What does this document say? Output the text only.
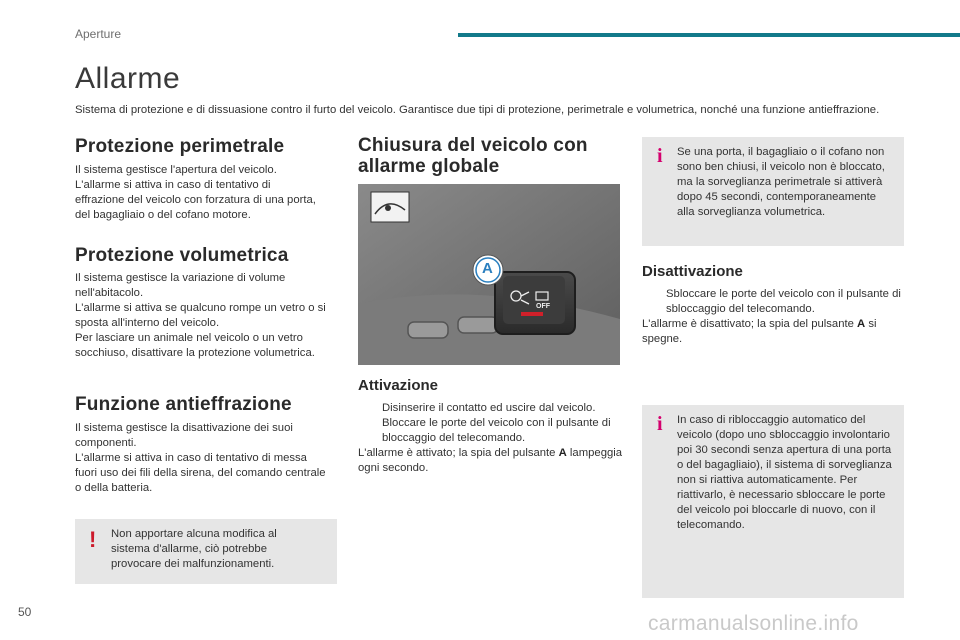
Aperture
Allarme

Sistema di protezione e di dissuasione contro il furto del veicolo. Garantisce due tipi di protezione, perimetrale e volumetrica, nonché una funzione antieffrazione.

Protezione perimetrale

Il sistema gestisce l'apertura del veicolo. L'allarme si attiva in caso di tentativo di effrazione del veicolo con forzatura di una porta, del bagagliaio o del cofano motore.

Protezione volumetrica

Il sistema gestisce la variazione di volume nell'abitacolo.

L'allarme si attiva se qualcuno rompe un vetro o si sposta all'interno del veicolo.

Per lasciare un animale nel veicolo o un vetro socchiuso, disattivare la protezione volumetrica.

Funzione antieffrazione

Il sistema gestisce la disattivazione dei suoi componenti.

L'allarme si attiva in caso di tentativo di messa fuori uso dei fili della sirena, del comando centrale o della batteria.

! Non apportare alcuna modifica al sistema d'allarme, ciò potrebbe provocare dei malfunzionamenti.
Chiusura del veicolo con allarme globale
A
OFF
Attivazione
Disinserire il contatto ed uscire dal veicolo.
Bloccare le porte del veicolo con il pulsante di bloccaggio del telecomando.

L'allarme è attivato; la spia del pulsante A lampeggia ogni secondo.

i Se una porta, il bagagliaio o il cofano non sono ben chiusi, il veicolo non è bloccato, ma la sorveglianza perimetrale si attiverà dopo 45 secondi, contemporaneamente alla sorveglianza volumetrica.
Disattivazione
Sbloccare le porte del veicolo con il pulsante di sbloccaggio del telecomando.

L'allarme è disattivato; la spia del pulsante A si spegne.

i In caso di ribloccaggio automatico del veicolo (dopo uno sbloccaggio involontario poi 30 secondi senza apertura di una porta o del bagagliaio), il sistema di sorveglianza non si riattiva automaticamente. Per riattivarlo, è necessario sbloccare le porte del veicolo poi bloccarle di nuovo, con il telecomando.
50	carmanualsonline.info
